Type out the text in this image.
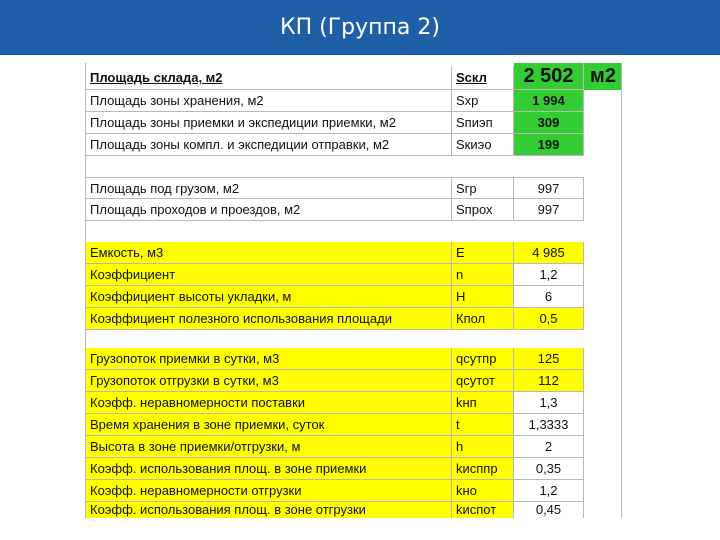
КП (Группа 2)
Площадь склада, м2	Sскл	2 502 м2
Площадь зоны хранения, м2	Sхр	1 994
Площадь зоны приемки и экспедиции приемки, м2	Sпиэп	309
Площадь зоны компл. и экспедиции отправки, м2	Sкиэо	199
Площадь под грузом, м2	Sгр	997
Площадь проходов и проездов, м2	Sпрох	997
Емкость, м3	E	4 985
Коэффициент	n	1,2
Коэффициент высоты укладки, м	H	6
Коэффициент полезного использования площади	Кпол	0,5
Грузопоток приемки в сутки, м3	qсутпр	125
Грузопоток отгрузки в сутки, м3	qсутот	112
Коэфф. неравномерности поставки	kнп	1,3
Время хранения в зоне приемки, суток	t	1,3333
Высота в зоне приемки/отгрузки, м	h	2
Коэфф. использования площ. в зоне приемки	kисппр	0,35
Коэфф. неравномерности отгрузки	kно	1,2
Коэфф. использования площ. в зоне отгрузки	kиспот	0,45
